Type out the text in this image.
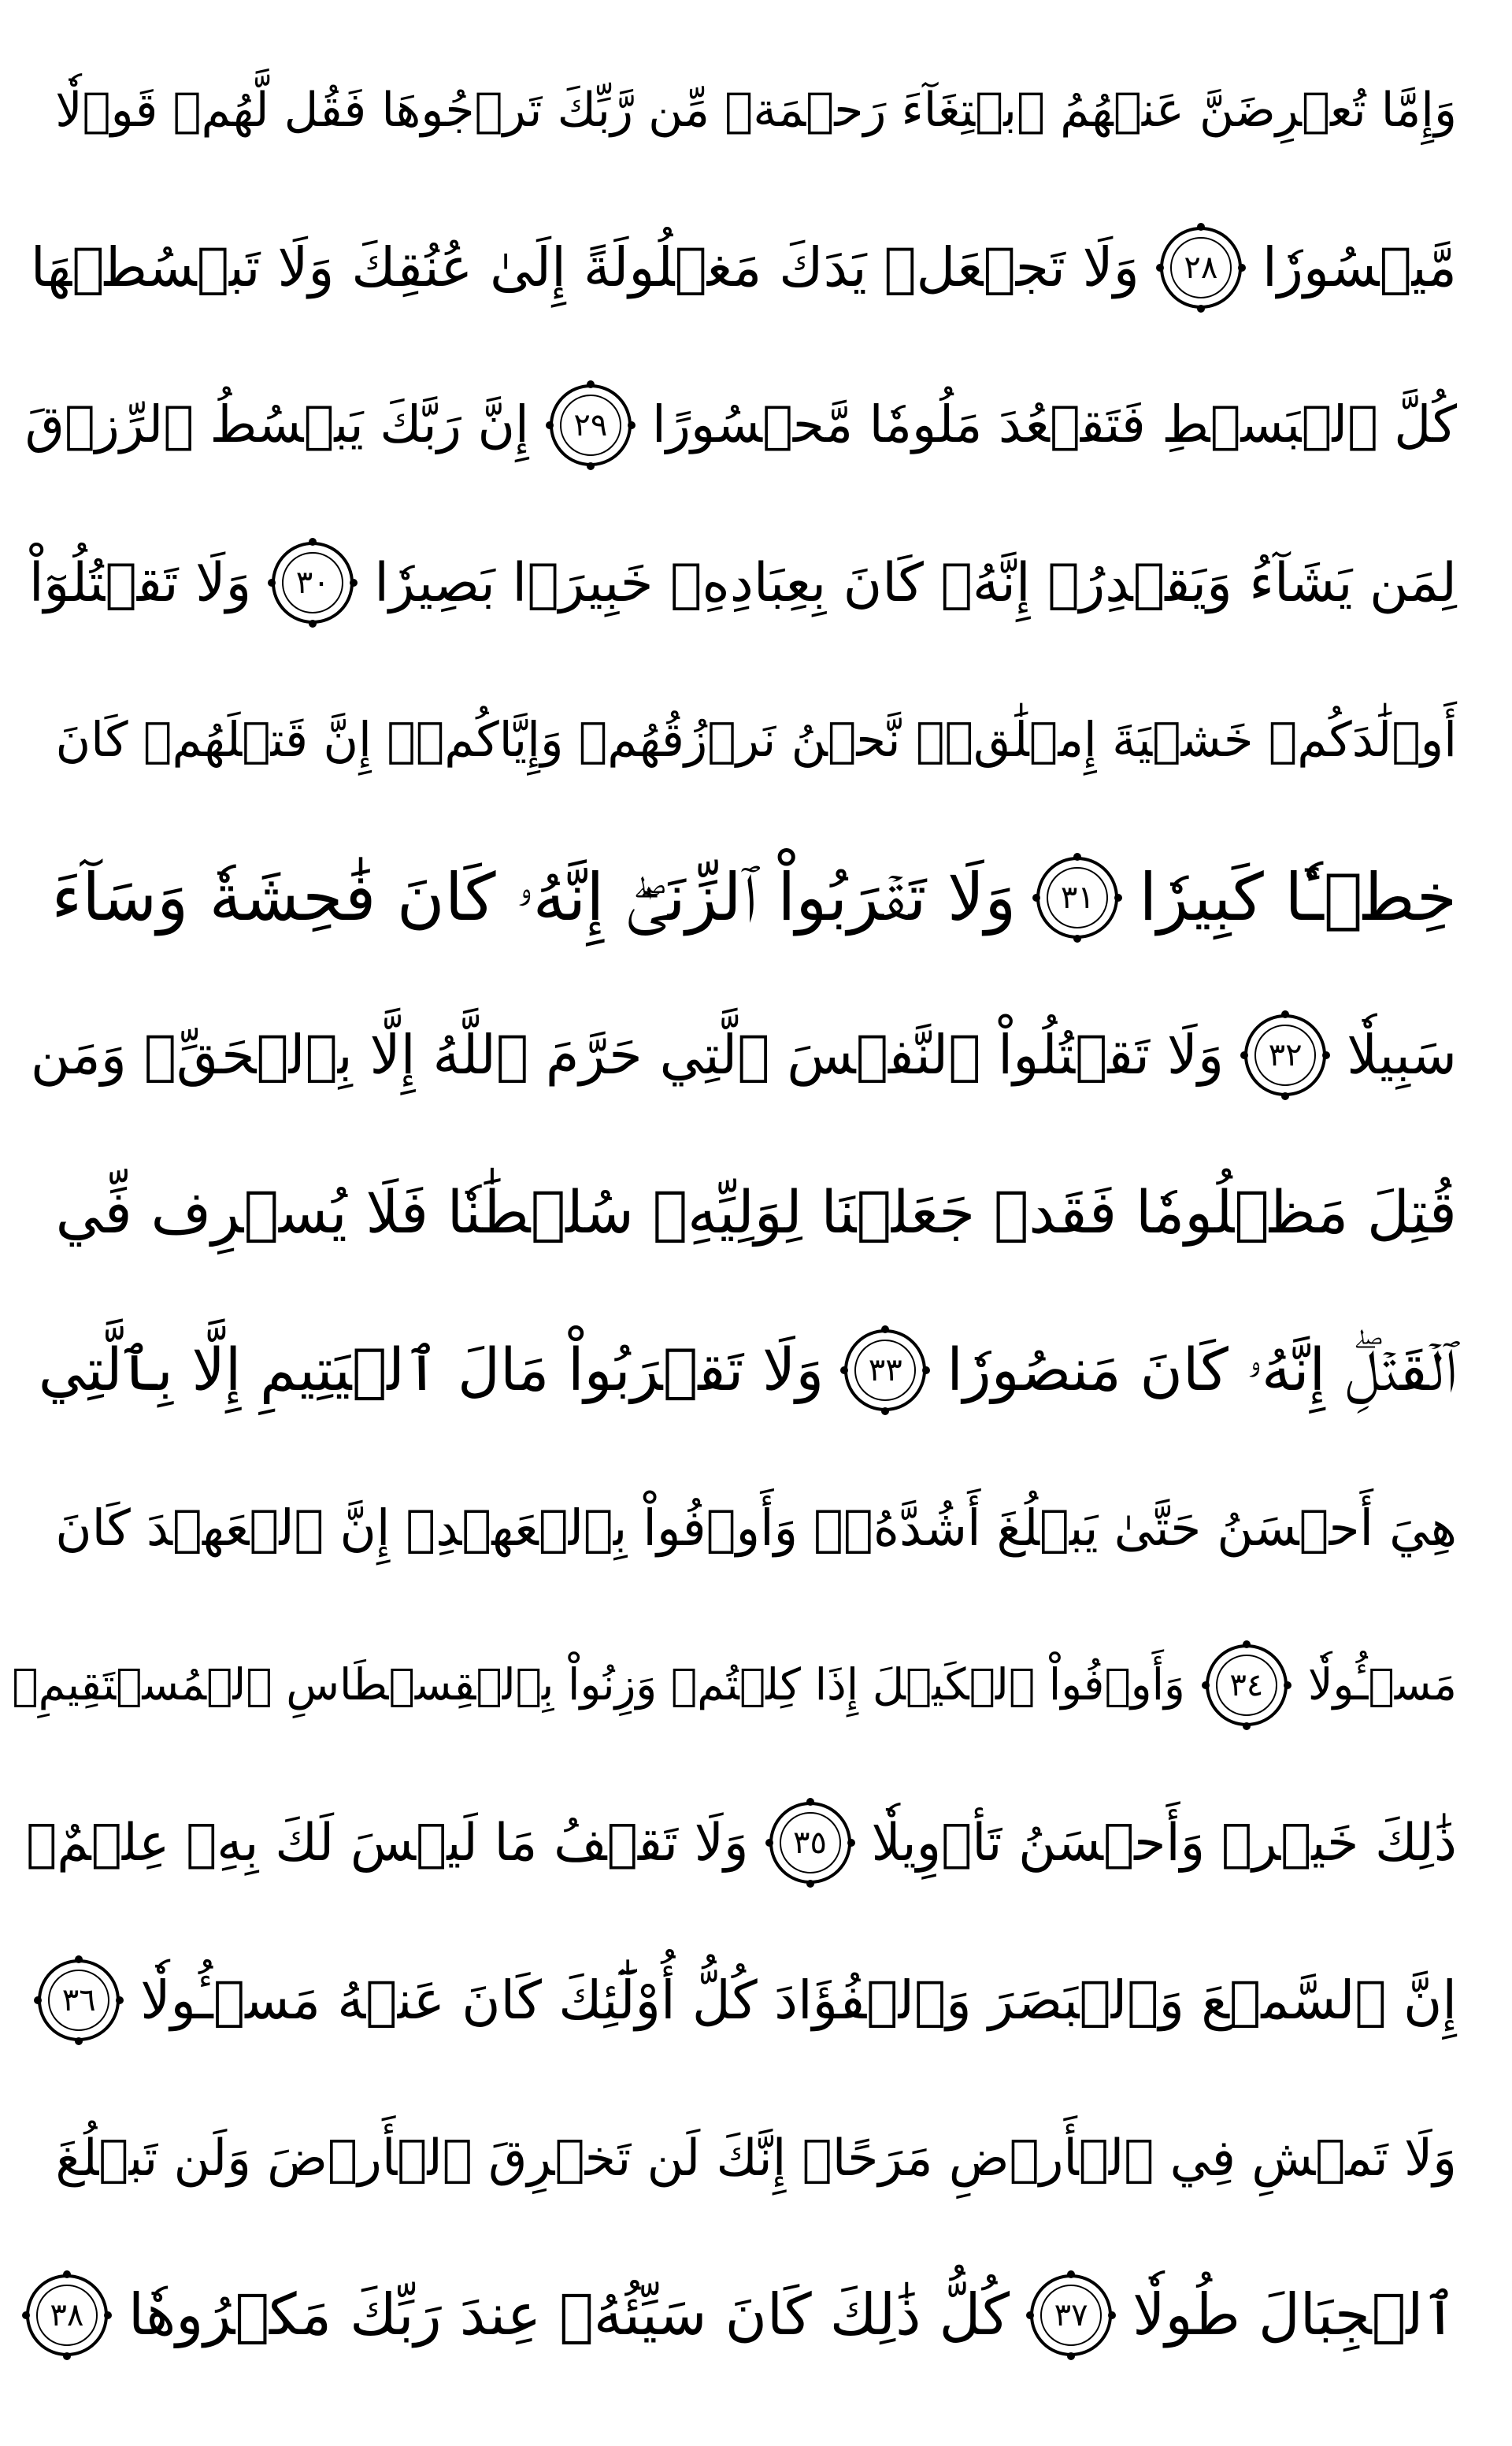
وَإِمَّا تُعۡرِضَنَّ عَنۡهُمُ ٱبۡتِغَآءَ رَحۡمَةٖ مِّن رَّبِّكَ تَرۡجُوهَا فَقُل لَّهُمۡ قَوۡلٗا
مَّيۡسُورٗا
٢٨
وَلَا تَجۡعَلۡ يَدَكَ مَغۡلُولَةً إِلَىٰ عُنُقِكَ وَلَا تَبۡسُطۡهَا
كُلَّ ٱلۡبَسۡطِ فَتَقۡعُدَ مَلُومٗا مَّحۡسُورًا
٢٩
إِنَّ رَبَّكَ يَبۡسُطُ ٱلرِّزۡقَ
لِمَن يَشَآءُ وَيَقۡدِرُۚ إِنَّهُۥ كَانَ بِعِبَادِهِۦ خَبِيرَۢا بَصِيرٗا
٣٠
وَلَا تَقۡتُلُوٓاْ
أَوۡلَٰدَكُمۡ خَشۡيَةَ إِمۡلَٰقٖۖ نَّحۡنُ نَرۡزُقُهُمۡ وَإِيَّاكُمۡۚ إِنَّ قَتۡلَهُمۡ كَانَ
خِطۡـٔٗا كَبِيرٗا
٣١
وَلَا تَقۡرَبُواْ ٱلزِّنَىٰٓۖ إِنَّهُۥ كَانَ فَٰحِشَةٗ وَسَآءَ
سَبِيلٗا
٣٢
وَلَا تَقۡتُلُواْ ٱلنَّفۡسَ ٱلَّتِي حَرَّمَ ٱللَّهُ إِلَّا بِٱلۡحَقِّۗ وَمَن
قُتِلَ مَظۡلُومٗا فَقَدۡ جَعَلۡنَا لِوَلِيِّهِۦ سُلۡطَٰنٗا فَلَا يُسۡرِف فِّي
ٱلۡقَتۡلِۖ إِنَّهُۥ كَانَ مَنصُورٗا
٣٣
وَلَا تَقۡرَبُواْ مَالَ ٱلۡيَتِيمِ إِلَّا بِٱلَّتِي
هِيَ أَحۡسَنُ حَتَّىٰ يَبۡلُغَ أَشُدَّهُۥۚ وَأَوۡفُواْ بِٱلۡعَهۡدِۖ إِنَّ ٱلۡعَهۡدَ كَانَ
مَسۡـُٔولٗا
٣٤
وَأَوۡفُواْ ٱلۡكَيۡلَ إِذَا كِلۡتُمۡ وَزِنُواْ بِٱلۡقِسۡطَاسِ ٱلۡمُسۡتَقِيمِۚ
ذَٰلِكَ خَيۡرٞ وَأَحۡسَنُ تَأۡوِيلٗا
٣٥
وَلَا تَقۡفُ مَا لَيۡسَ لَكَ بِهِۦ عِلۡمٌۚ
إِنَّ ٱلسَّمۡعَ وَٱلۡبَصَرَ وَٱلۡفُؤَادَ كُلُّ أُوْلَٰٓئِكَ كَانَ عَنۡهُ مَسۡـُٔولٗا
٣٦
وَلَا تَمۡشِ فِي ٱلۡأَرۡضِ مَرَحًاۖ إِنَّكَ لَن تَخۡرِقَ ٱلۡأَرۡضَ وَلَن تَبۡلُغَ
ٱلۡجِبَالَ طُولٗا
٣٧
كُلُّ ذَٰلِكَ كَانَ سَيِّئُهُۥ عِندَ رَبِّكَ مَكۡرُوهٗا
٣٨
